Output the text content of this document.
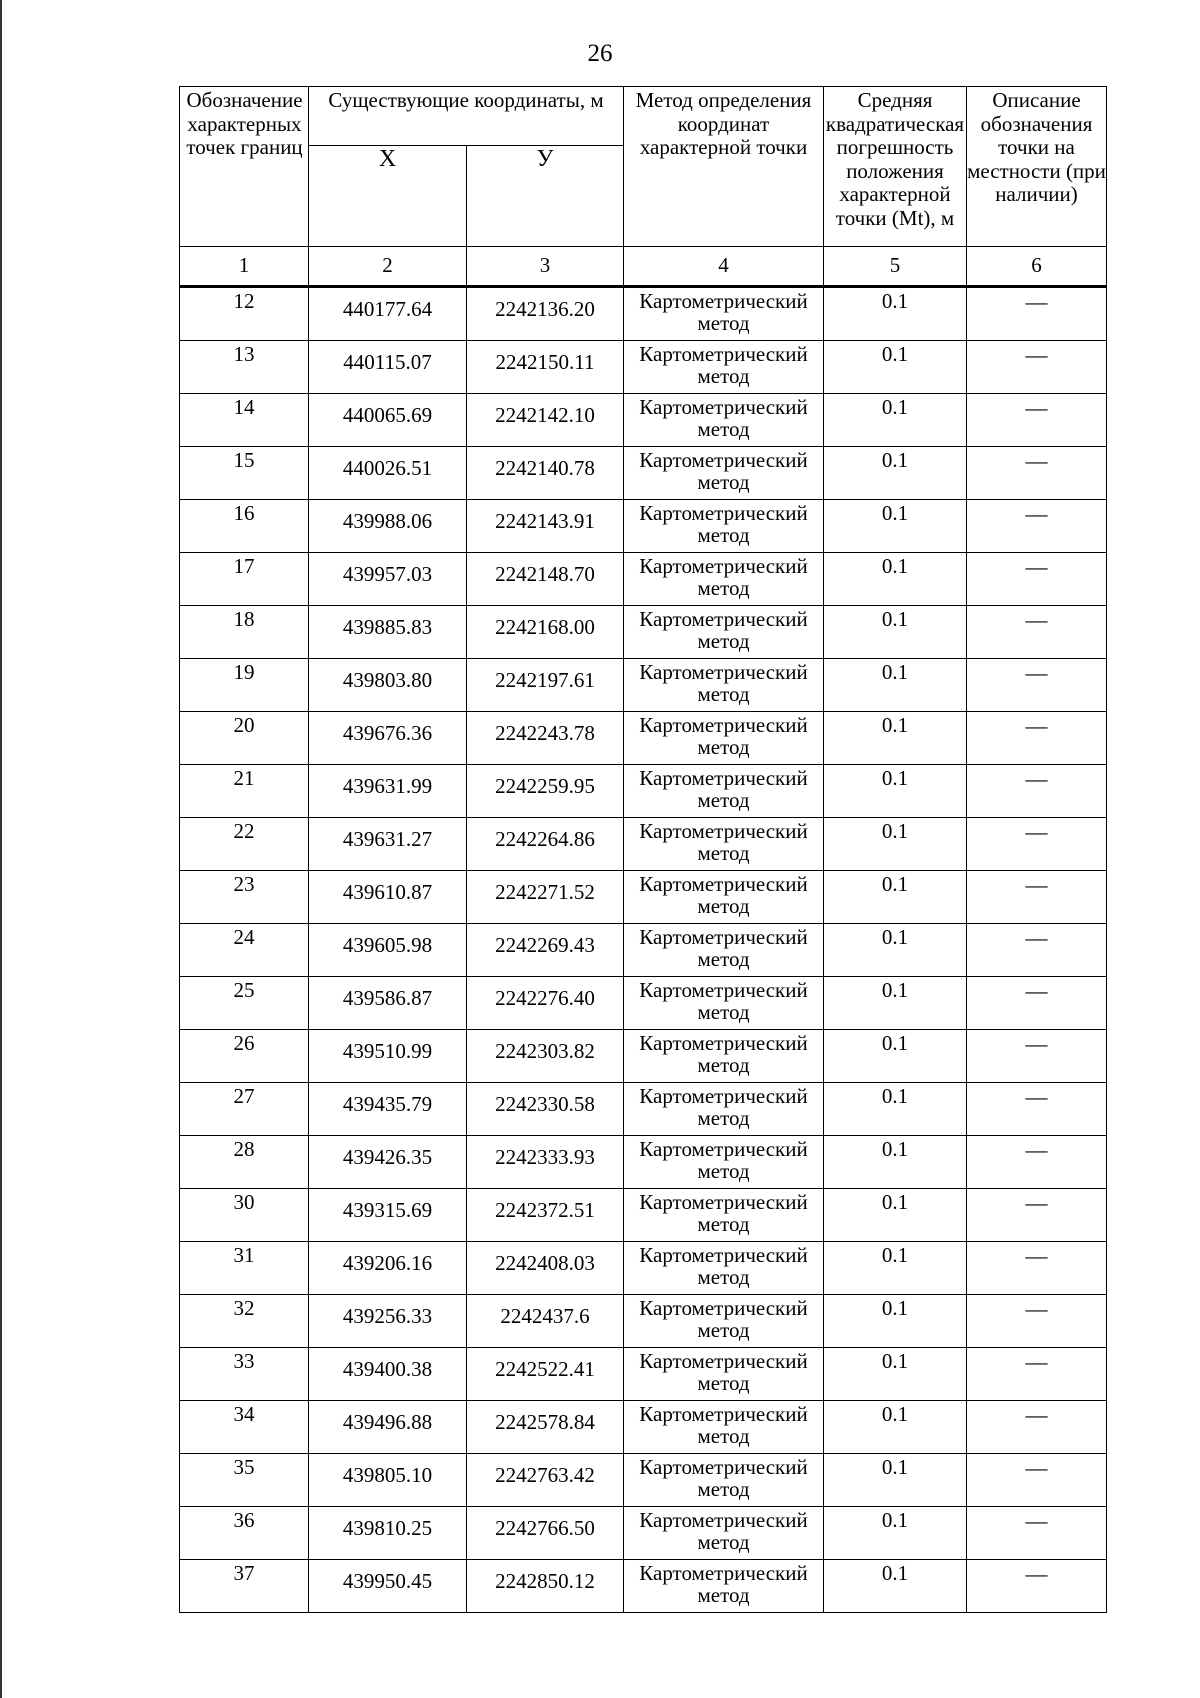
26
Обозначение характерных точек границ	Существующие координаты, м		Метод определения координат характерной точки	Средняя квадратическая погрешность положения характерной точки (Mt), м	Описание обозначения точки на местности (при наличии)
	Х	У			
1	2	3	4	5	6
12	440177.64	2242136.20	Картометрический метод	0.1	—
13	440115.07	2242150.11	Картометрический метод	0.1	—
14	440065.69	2242142.10	Картометрический метод	0.1	—
15	440026.51	2242140.78	Картометрический метод	0.1	—
16	439988.06	2242143.91	Картометрический метод	0.1	—
17	439957.03	2242148.70	Картометрический метод	0.1	—
18	439885.83	2242168.00	Картометрический метод	0.1	—
19	439803.80	2242197.61	Картометрический метод	0.1	—
20	439676.36	2242243.78	Картометрический метод	0.1	—
21	439631.99	2242259.95	Картометрический метод	0.1	—
22	439631.27	2242264.86	Картометрический метод	0.1	—
23	439610.87	2242271.52	Картометрический метод	0.1	—
24	439605.98	2242269.43	Картометрический метод	0.1	—
25	439586.87	2242276.40	Картометрический метод	0.1	—
26	439510.99	2242303.82	Картометрический метод	0.1	—
27	439435.79	2242330.58	Картометрический метод	0.1	—
28	439426.35	2242333.93	Картометрический метод	0.1	—
30	439315.69	2242372.51	Картометрический метод	0.1	—
31	439206.16	2242408.03	Картометрический метод	0.1	—
32	439256.33	2242437.6	Картометрический метод	0.1	—
33	439400.38	2242522.41	Картометрический метод	0.1	—
34	439496.88	2242578.84	Картометрический метод	0.1	—
35	439805.10	2242763.42	Картометрический метод	0.1	—
36	439810.25	2242766.50	Картометрический метод	0.1	—
37	439950.45	2242850.12	Картометрический метод	0.1	—
